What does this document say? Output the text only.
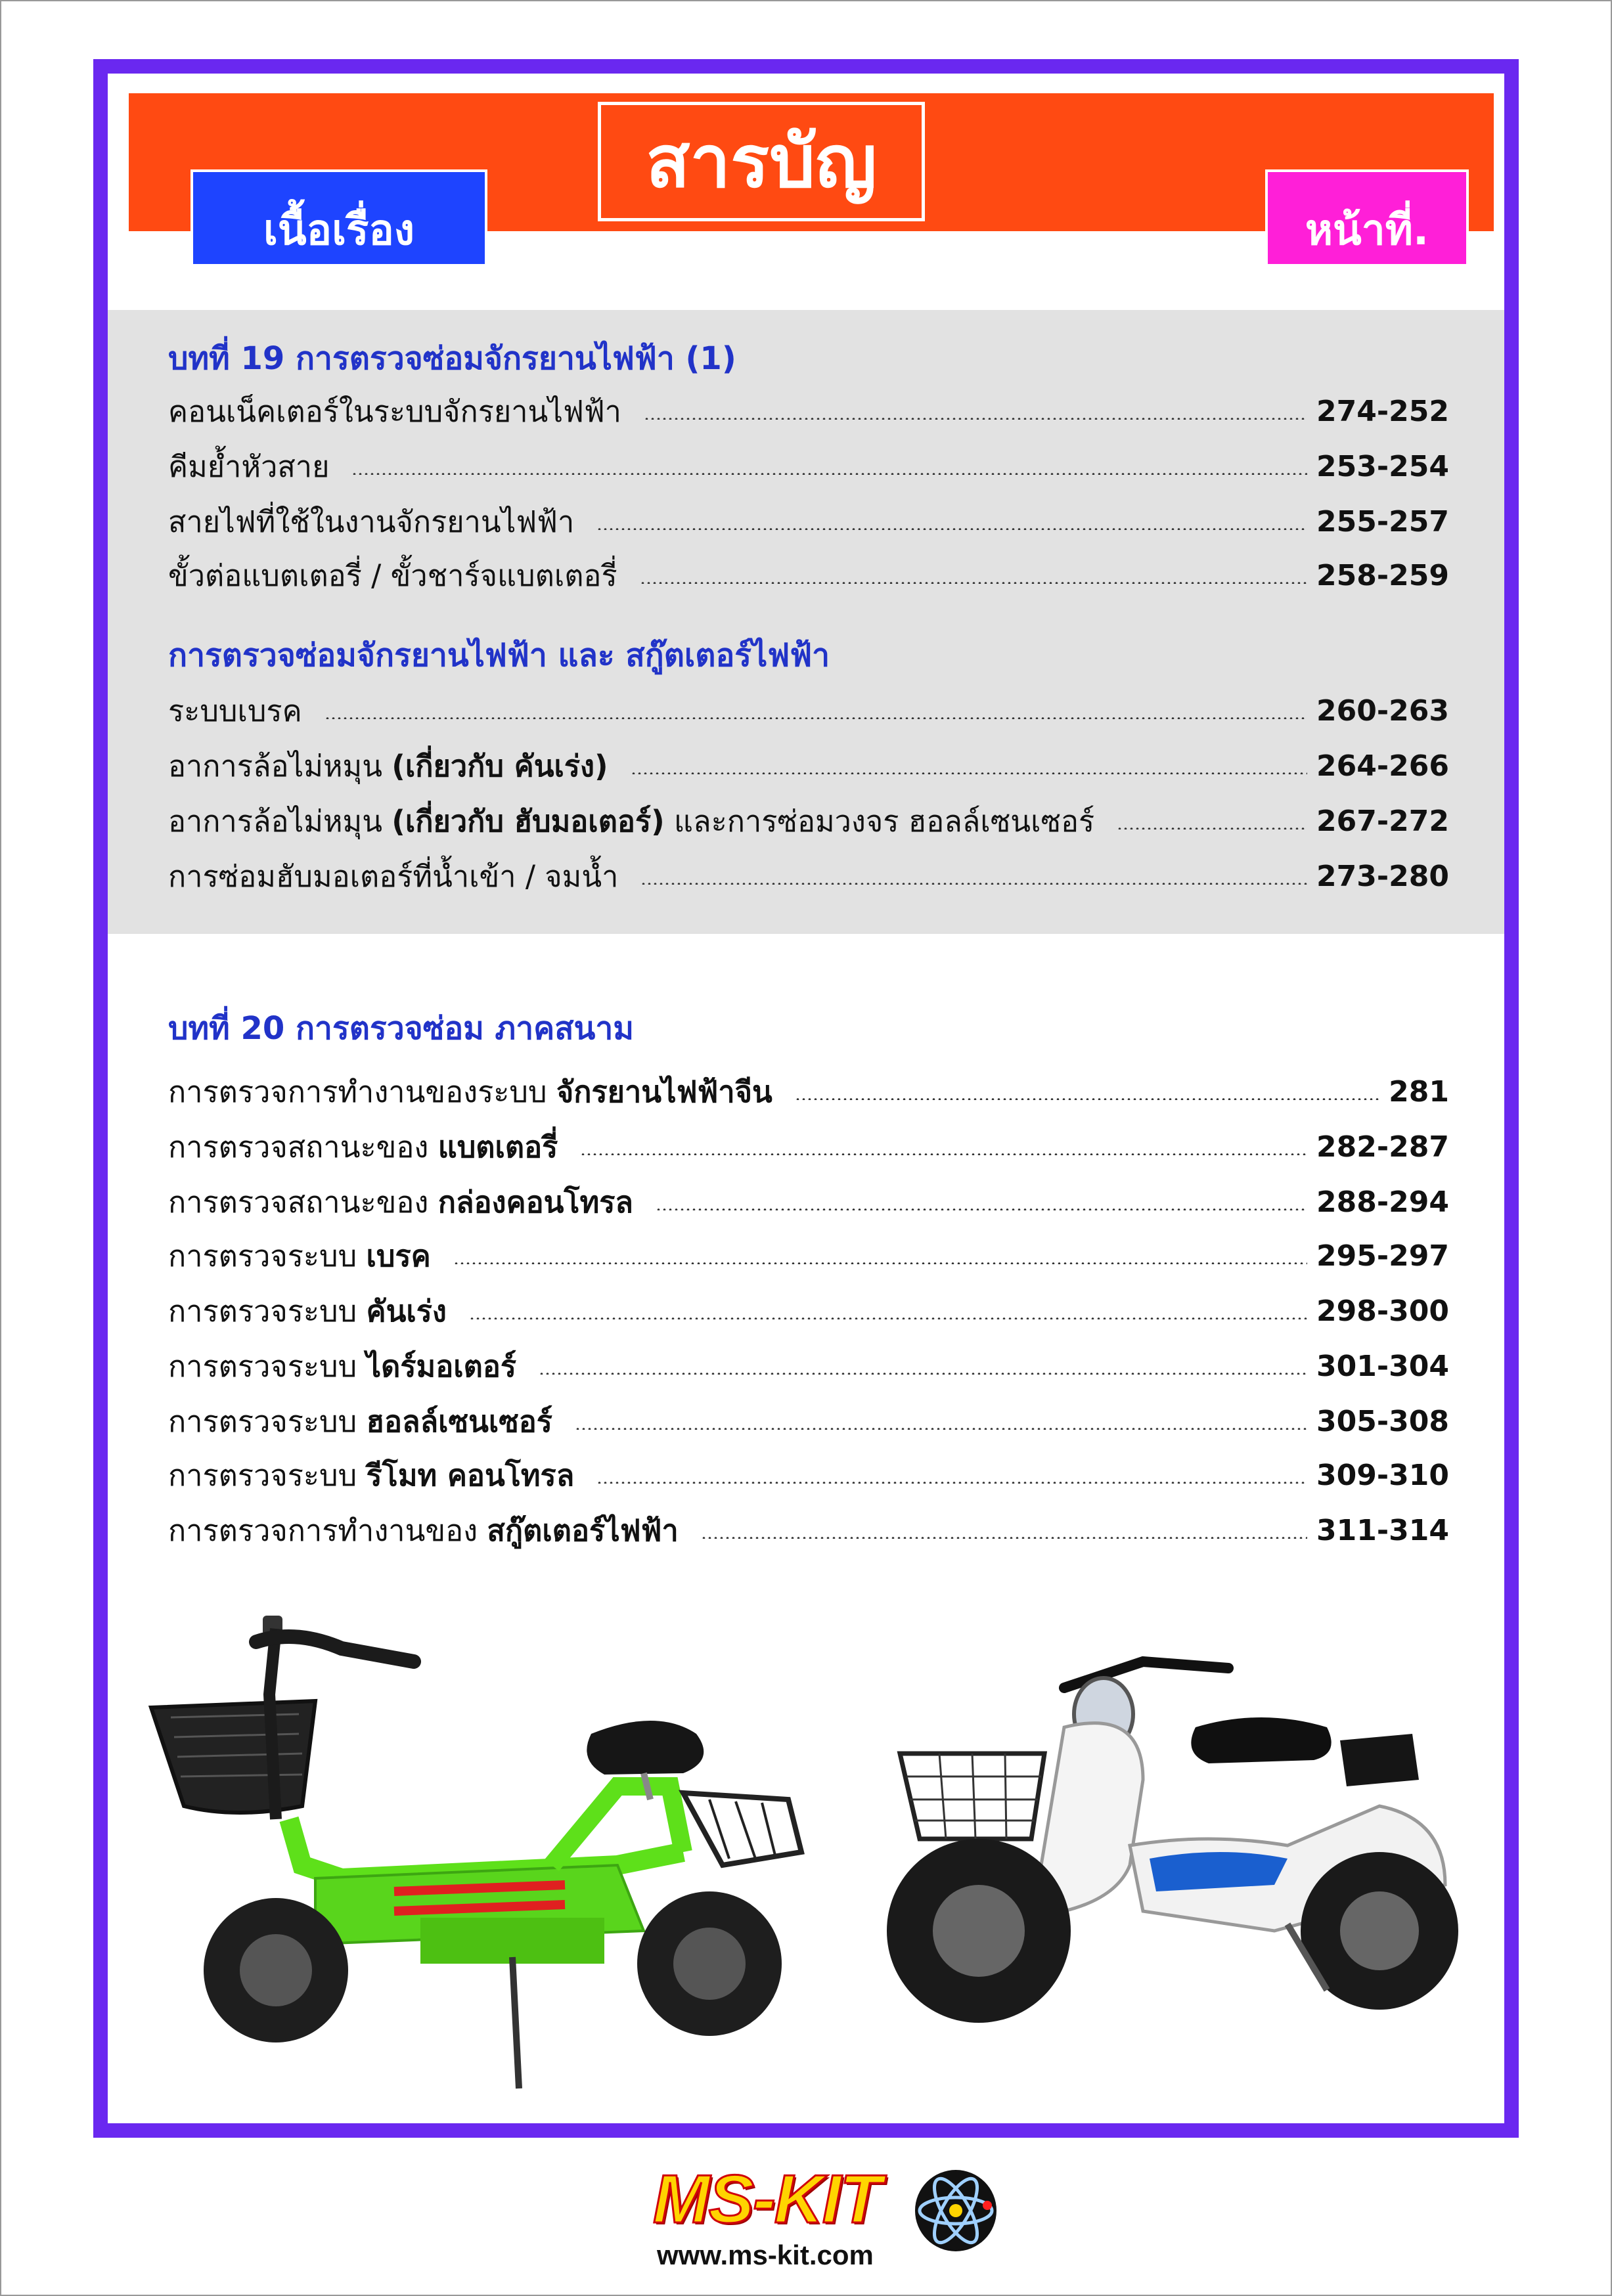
สารบัญ
เนื้อเรื่อง	หน้าที่.
บทที่ 19 การตรวจซ่อมจักรยานไฟฟ้า (1)
คอนเน็คเตอร์ในระบบจักรยานไฟฟ้า	274-252
คีมย้ำหัวสาย	253-254
สายไฟที่ใช้ในงานจักรยานไฟฟ้า	255-257
ขั้วต่อแบตเตอรี่ / ขั้วชาร์จแบตเตอรี่	258-259
การตรวจซ่อมจักรยานไฟฟ้า และ สกู๊ตเตอร์ไฟฟ้า
ระบบเบรค	260-263
อาการล้อไม่หมุน (เกี่ยวกับ คันเร่ง)	264-266
อาการล้อไม่หมุน (เกี่ยวกับ ฮับมอเตอร์) และการซ่อมวงจร ฮอลล์เซนเซอร์	267-272
การซ่อมฮับมอเตอร์ที่น้ำเข้า / จมน้ำ	273-280
บทที่ 20 การตรวจซ่อม ภาคสนาม
การตรวจการทำงานของระบบ จักรยานไฟฟ้าจีน	281
การตรวจสถานะของ แบตเตอรี่	282-287
การตรวจสถานะของ กล่องคอนโทรล	288-294
การตรวจระบบ เบรค	295-297
การตรวจระบบ คันเร่ง	298-300
การตรวจระบบ ไดร์มอเตอร์	301-304
การตรวจระบบ ฮอลล์เซนเซอร์	305-308
การตรวจระบบ รีโมท คอนโทรล	309-310
การตรวจการทำงานของ สกู๊ตเตอร์ไฟฟ้า	311-314
MS-KIT
www.ms-kit.com
